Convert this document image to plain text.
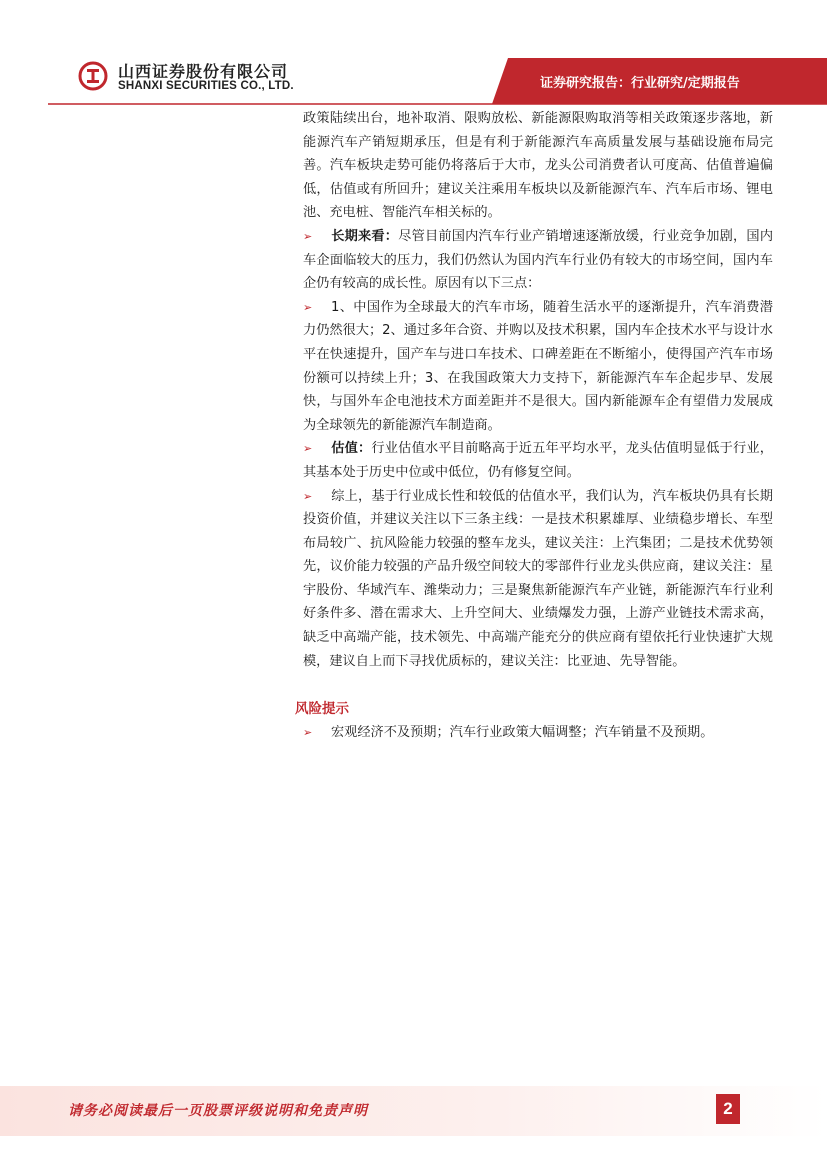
山西证券股份有限公司
SHANXI SECURITIES CO., LTD.	证券研究报告：行业研究/定期报告

政策陆续出台，地补取消、限购放松、新能源限购取消等相关政策逐步落地，新能源汽车产销短期承压，但是有利于新能源汽车高质量发展与基础设施布局完善。汽车板块走势可能仍将落后于大市，龙头公司消费者认可度高、估值普遍偏低，估值或有所回升；建议关注乘用车板块以及新能源汽车、汽车后市场、锂电池、充电桩、智能汽车相关标的。

➢ 长期来看：尽管目前国内汽车行业产销增速逐渐放缓，行业竞争加剧，国内车企面临较大的压力，我们仍然认为国内汽车行业仍有较大的市场空间，国内车企仍有较高的成长性。原因有以下三点：

➢ 1、中国作为全球最大的汽车市场，随着生活水平的逐渐提升，汽车消费潜力仍然很大；2、通过多年合资、并购以及技术积累，国内车企技术水平与设计水平在快速提升，国产车与进口车技术、口碑差距在不断缩小，使得国产汽车市场份额可以持续上升；3、在我国政策大力支持下，新能源汽车车企起步早、发展快，与国外车企电池技术方面差距并不是很大。国内新能源车企有望借力发展成为全球领先的新能源汽车制造商。

➢ 估值：行业估值水平目前略高于近五年平均水平，龙头估值明显低于行业，其基本处于历史中位或中低位，仍有修复空间。

➢ 综上，基于行业成长性和较低的估值水平，我们认为，汽车板块仍具有长期投资价值，并建议关注以下三条主线：一是技术积累雄厚、业绩稳步增长、车型布局较广、抗风险能力较强的整车龙头，建议关注：上汽集团；二是技术优势领先，议价能力较强的产品升级空间较大的零部件行业龙头供应商，建议关注：星宇股份、华域汽车、潍柴动力；三是聚焦新能源汽车产业链，新能源汽车行业利好条件多、潜在需求大、上升空间大、业绩爆发力强，上游产业链技术需求高，缺乏中高端产能，技术领先、中高端产能充分的供应商有望依托行业快速扩大规模，建议自上而下寻找优质标的，建议关注：比亚迪、先导智能。

风险提示

➢ 宏观经济不及预期；汽车行业政策大幅调整；汽车销量不及预期。

请务必阅读最后一页股票评级说明和免责声明	2
